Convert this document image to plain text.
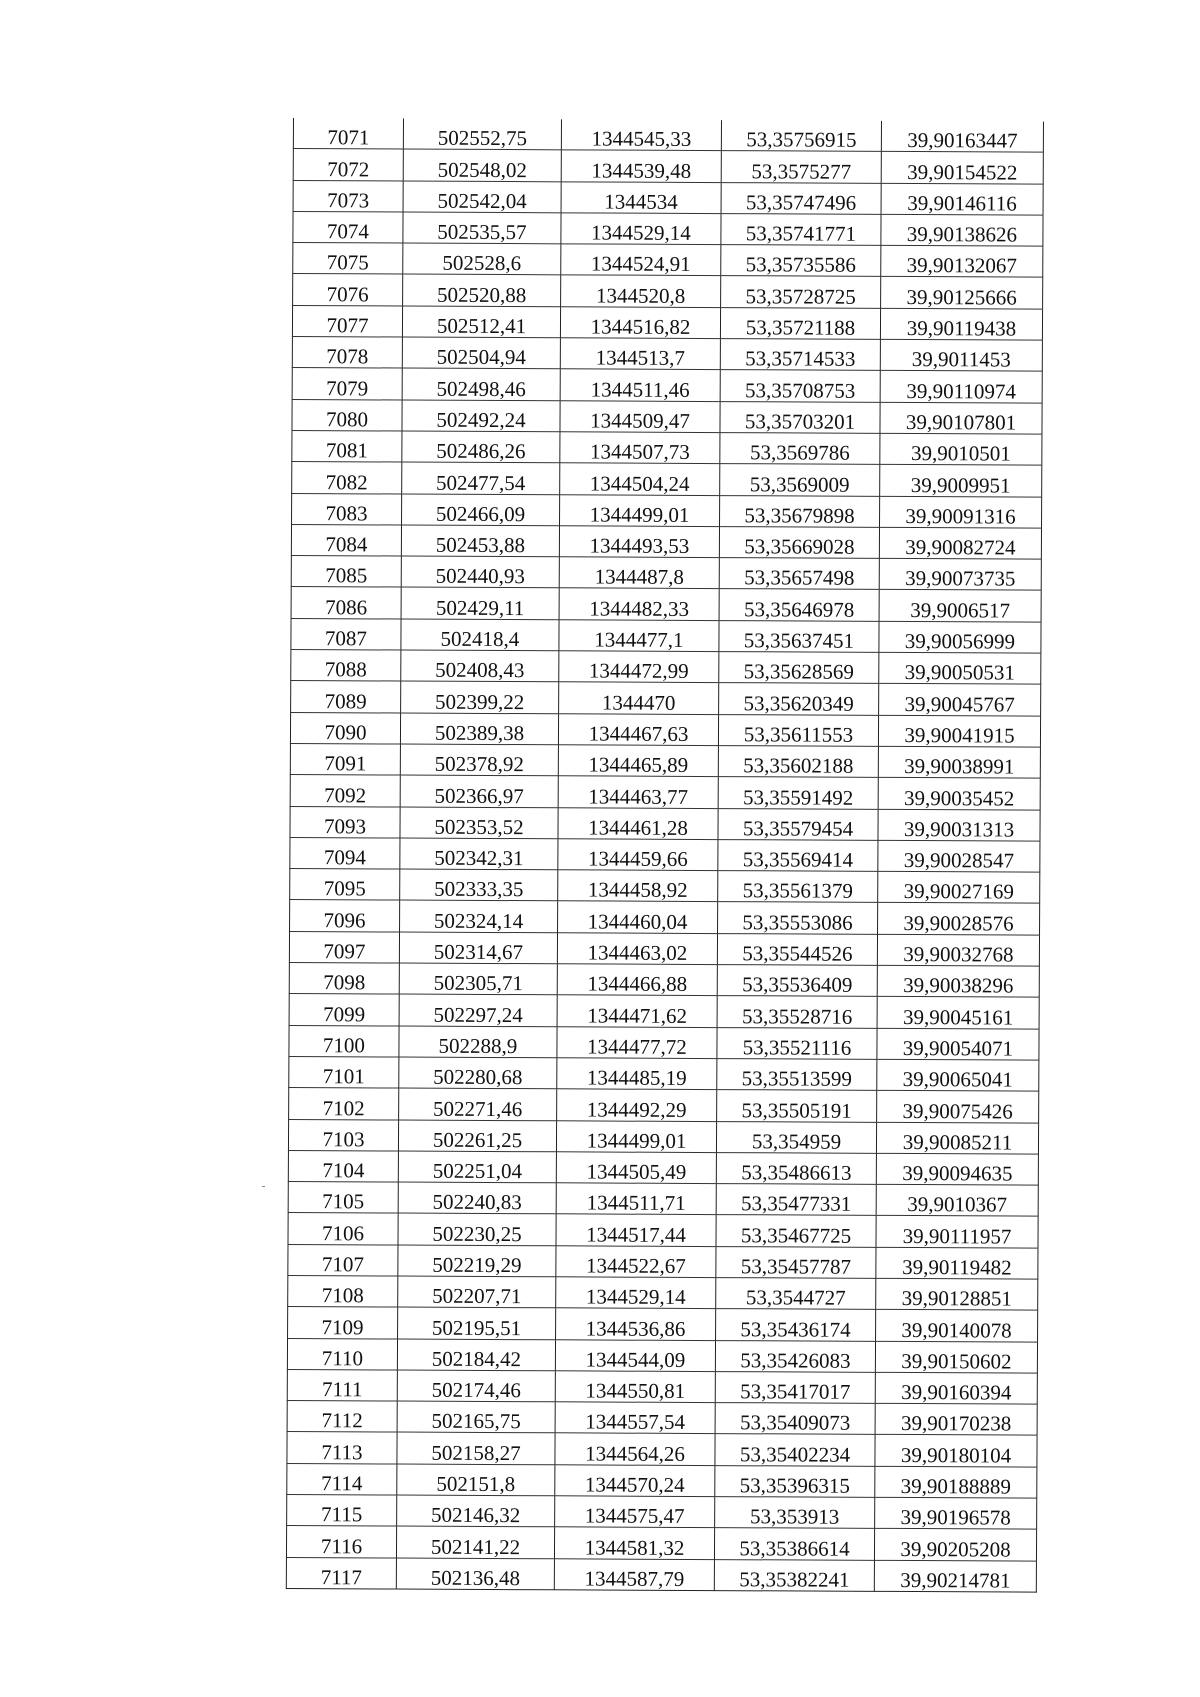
7071	502552,75	1344545,33	53,35756915	39,90163447
7072	502548,02	1344539,48	53,3575277	39,90154522
7073	502542,04	1344534	53,35747496	39,90146116
7074	502535,57	1344529,14	53,35741771	39,90138626
7075	502528,6	1344524,91	53,35735586	39,90132067
7076	502520,88	1344520,8	53,35728725	39,90125666
7077	502512,41	1344516,82	53,35721188	39,90119438
7078	502504,94	1344513,7	53,35714533	39,9011453
7079	502498,46	1344511,46	53,35708753	39,90110974
7080	502492,24	1344509,47	53,35703201	39,90107801
7081	502486,26	1344507,73	53,3569786	39,9010501
7082	502477,54	1344504,24	53,3569009	39,9009951
7083	502466,09	1344499,01	53,35679898	39,90091316
7084	502453,88	1344493,53	53,35669028	39,90082724
7085	502440,93	1344487,8	53,35657498	39,90073735
7086	502429,11	1344482,33	53,35646978	39,9006517
7087	502418,4	1344477,1	53,35637451	39,90056999
7088	502408,43	1344472,99	53,35628569	39,90050531
7089	502399,22	1344470	53,35620349	39,90045767
7090	502389,38	1344467,63	53,35611553	39,90041915
7091	502378,92	1344465,89	53,35602188	39,90038991
7092	502366,97	1344463,77	53,35591492	39,90035452
7093	502353,52	1344461,28	53,35579454	39,90031313
7094	502342,31	1344459,66	53,35569414	39,90028547
7095	502333,35	1344458,92	53,35561379	39,90027169
7096	502324,14	1344460,04	53,35553086	39,90028576
7097	502314,67	1344463,02	53,35544526	39,90032768
7098	502305,71	1344466,88	53,35536409	39,90038296
7099	502297,24	1344471,62	53,35528716	39,90045161
7100	502288,9	1344477,72	53,35521116	39,90054071
7101	502280,68	1344485,19	53,35513599	39,90065041
7102	502271,46	1344492,29	53,35505191	39,90075426
7103	502261,25	1344499,01	53,354959	39,90085211
7104	502251,04	1344505,49	53,35486613	39,90094635
7105	502240,83	1344511,71	53,35477331	39,9010367
7106	502230,25	1344517,44	53,35467725	39,90111957
7107	502219,29	1344522,67	53,35457787	39,90119482
7108	502207,71	1344529,14	53,3544727	39,90128851
7109	502195,51	1344536,86	53,35436174	39,90140078
7110	502184,42	1344544,09	53,35426083	39,90150602
7111	502174,46	1344550,81	53,35417017	39,90160394
7112	502165,75	1344557,54	53,35409073	39,90170238
7113	502158,27	1344564,26	53,35402234	39,90180104
7114	502151,8	1344570,24	53,35396315	39,90188889
7115	502146,32	1344575,47	53,353913	39,90196578
7116	502141,22	1344581,32	53,35386614	39,90205208
7117	502136,48	1344587,79	53,35382241	39,90214781
